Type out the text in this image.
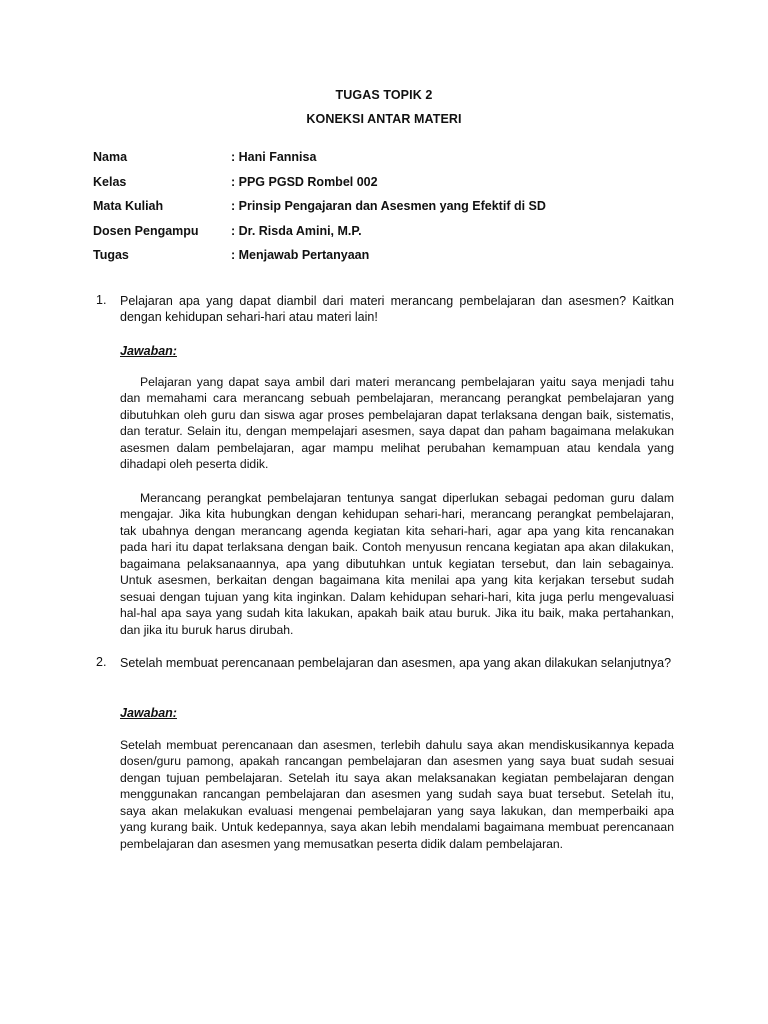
TUGAS TOPIK 2
KONEKSI ANTAR MATERI
Nama	: Hani Fannisa
Kelas	: PPG PGSD Rombel 002
Mata Kuliah	: Prinsip Pengajaran dan Asesmen yang Efektif di SD
Dosen Pengampu	: Dr. Risda Amini, M.P.
Tugas	: Menjawab Pertanyaan
1. Pelajaran apa yang dapat diambil dari materi merancang pembelajaran dan asesmen? Kaitkan dengan kehidupan sehari-hari atau materi lain!
Jawaban:
Pelajaran yang dapat saya ambil dari materi merancang pembelajaran yaitu saya menjadi tahu dan memahami cara merancang sebuah pembelajaran, merancang perangkat pembelajaran yang dibutuhkan oleh guru dan siswa agar proses pembelajaran dapat terlaksana dengan baik, sistematis, dan teratur. Selain itu, dengan mempelajari asesmen, saya dapat dan paham bagaimana melakukan asesmen dalam pembelajaran, agar mampu melihat perubahan kemampuan atau kendala yang dihadapi oleh peserta didik.
Merancang perangkat pembelajaran tentunya sangat diperlukan sebagai pedoman guru dalam mengajar. Jika kita hubungkan dengan kehidupan sehari-hari, merancang perangkat pembelajaran, tak ubahnya dengan merancang agenda kegiatan kita sehari-hari, agar apa yang kita rencanakan pada hari itu dapat terlaksana dengan baik. Contoh menyusun rencana kegiatan apa akan dilakukan, bagaimana pelaksanaannya, apa yang dibutuhkan untuk kegiatan tersebut, dan lain sebagainya. Untuk asesmen, berkaitan dengan bagaimana kita menilai apa yang kita kerjakan tersebut sudah sesuai dengan tujuan yang kita inginkan. Dalam kehidupan sehari-hari, kita juga perlu mengevaluasi hal-hal apa saya yang sudah kita lakukan, apakah baik atau buruk. Jika itu baik, maka pertahankan, dan jika itu buruk harus dirubah.
2. Setelah membuat perencanaan pembelajaran dan asesmen, apa yang akan dilakukan selanjutnya?
Jawaban:
Setelah membuat perencanaan dan asesmen, terlebih dahulu saya akan mendiskusikannya kepada dosen/guru pamong, apakah rancangan pembelajaran dan asesmen yang saya buat sudah sesuai dengan tujuan pembelajaran. Setelah itu saya akan melaksanakan kegiatan pembelajaran dengan menggunakan rancangan pembelajaran dan asesmen yang sudah saya buat tersebut. Setelah itu, saya akan melakukan evaluasi mengenai pembelajaran yang saya lakukan, dan memperbaiki apa yang kurang baik. Untuk kedepannya, saya akan lebih mendalami bagaimana membuat perencanaan pembelajaran dan asesmen yang memusatkan peserta didik dalam pembelajaran.
